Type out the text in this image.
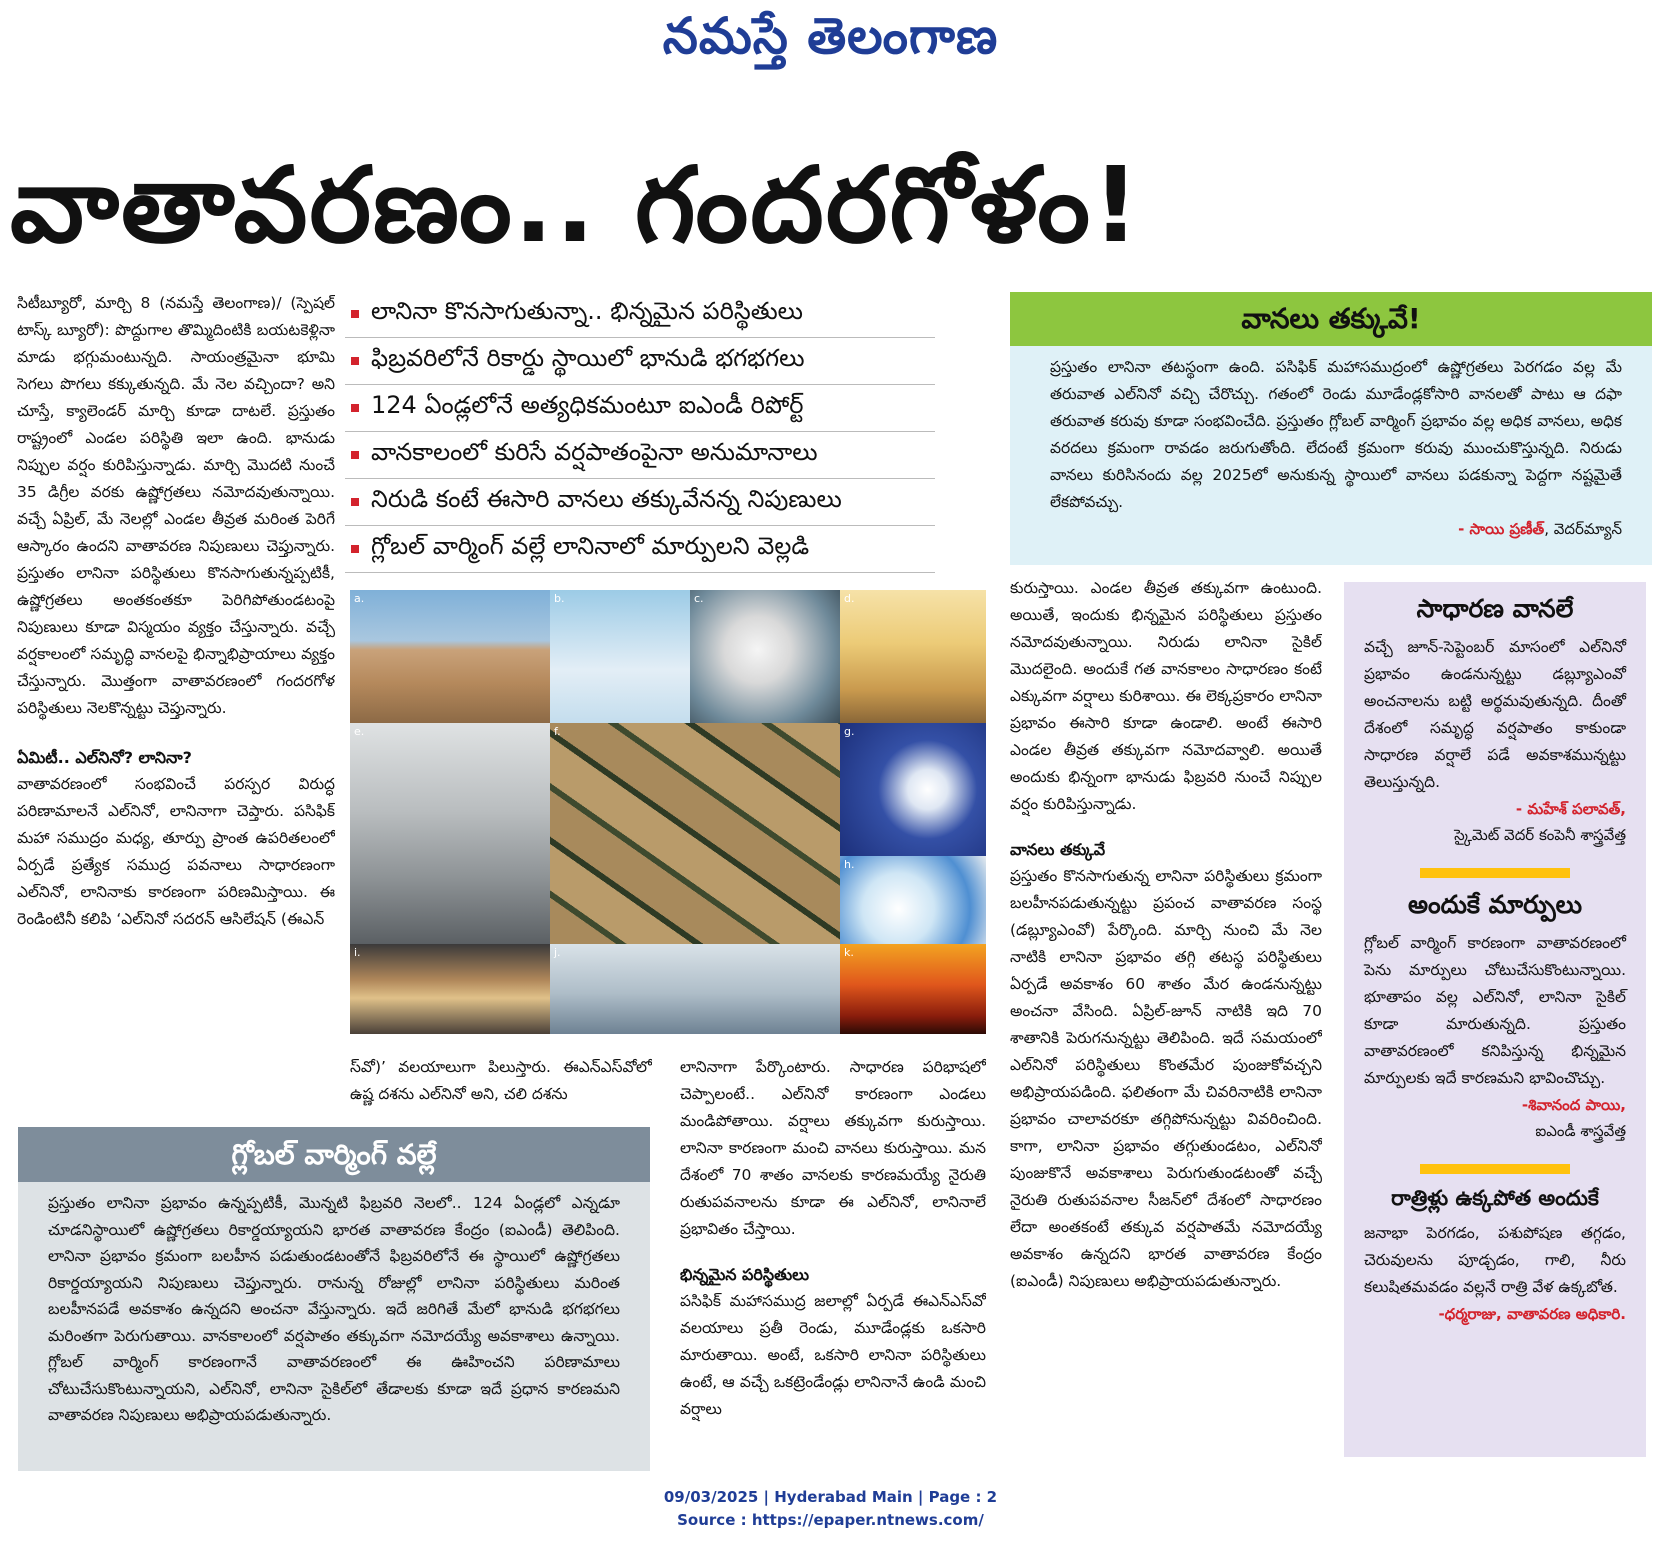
నమస్తే తెలంగాణ
వాతావరణం.. గందరగోళం!
లానినా కొనసాగుతున్నా.. భిన్నమైన పరిస్థితులు
ఫిబ్రవరిలోనే రికార్డు స్థాయిలో భానుడి భగభగలు
124 ఏండ్లలోనే అత్యధికమంటూ ఐఎండీ రిపోర్ట్
వానకాలంలో కురిసే వర్షపాతంపైనా అనుమానాలు
నిరుడి కంటే ఈసారి వానలు తక్కువేనన్న నిపుణులు
గ్లోబల్ వార్మింగ్ వల్లే లానినాలో మార్పులని వెల్లడి
a.	b.	c.	d.
e.	f.	g.
h.
i.	j.	k.

సిటీబ్యూరో, మార్చి 8 (నమస్తే తెలంగాణ)/ (స్పెషల్ టాస్క్ బ్యూరో): పొద్దుగాల తొమ్మిదింటికి బయటకెళ్లినా మాడు భగ్గుమంటున్నది. సాయంత్రమైనా భూమి సెగలు పొగలు కక్కుతున్నది. మే నెల వచ్చిందా? అని చూస్తే, క్యాలెండర్ మార్చి కూడా దాటలే. ప్రస్తుతం రాష్ట్రంలో ఎండల పరిస్థితి ఇలా ఉంది. భానుడు నిప్పుల వర్షం కురిపిస్తున్నాడు. మార్చి మొదటి నుంచే 35 డిగ్రీల వరకు ఉష్ణోగ్రతలు నమోదవుతున్నాయి. వచ్చే ఏప్రిల్, మే నెలల్లో ఎండల తీవ్రత మరింత పెరిగే ఆస్కారం ఉందని వాతావరణ నిపుణులు చెప్తున్నారు. ప్రస్తుతం లానినా పరిస్థితులు కొనసాగుతున్నప్పటికీ, ఉష్ణోగ్రతలు అంతకంతకూ పెరిగిపోతుండటంపై నిపుణులు కూడా విస్మయం వ్యక్తం చేస్తున్నారు. వచ్చే వర్షకాలంలో సమృద్ధి వానలపై భిన్నాభిప్రాయాలు వ్యక్తం చేస్తున్నారు. మొత్తంగా వాతావరణంలో గందరగోళ పరిస్థితులు నెలకొన్నట్టు చెప్తున్నారు.

ఏమిటీ.. ఎల్‌నినో? లానినా?

వాతావరణంలో సంభవించే పరస్పర విరుద్ధ పరిణామాలనే ఎల్‌నినో, లానినాగా చెప్తారు. పసిఫిక్ మహా సముద్రం మధ్య, తూర్పు ప్రాంత ఉపరితలంలో ఏర్పడే ప్రత్యేక సముద్ర పవనాలు సాధారణంగా ఎల్‌నినో, లానినాకు కారణంగా పరిణమిస్తాయి. ఈ రెండింటినీ కలిపి ‘ఎల్‌నినో సదరన్ ఆసిలేషన్ (ఈఎన్

స్‌వో)’ వలయాలుగా పిలుస్తారు. ఈఎన్‌ఎస్‌వోలో ఉష్ణ దశను ఎల్‌నినో అని, చలి దశను

లానినాగా పేర్కొంటారు. సాధారణ పరిభాషలో చెప్పాలంటే.. ఎల్‌నినో కారణంగా ఎండలు మండిపోతాయి. వర్షాలు తక్కువగా కురుస్తాయి. లానినా కారణంగా మంచి వానలు కురుస్తాయి. మన దేశంలో 70 శాతం వానలకు కారణమయ్యే నైరుతి రుతుపవనాలను కూడా ఈ ఎల్‌నినో, లానినాలే ప్రభావితం చేస్తాయి.

భిన్నమైన పరిస్థితులు

పసిఫిక్ మహాసముద్ర జలాల్లో ఏర్పడే ఈఎన్‌ఎస్‌వో వలయాలు ప్రతీ రెండు, మూడేండ్లకు ఒకసారి మారుతాయి. అంటే, ఒకసారి లానినా పరిస్థితులు ఉంటే, ఆ వచ్చే ఒకట్రెండేండ్లు లానినానే ఉండి మంచి వర్షాలు

కురుస్తాయి. ఎండల తీవ్రత తక్కువగా ఉంటుంది. అయితే, ఇందుకు భిన్నమైన పరిస్థితులు ప్రస్తుతం నమోదవుతున్నాయి. నిరుడు లానినా సైకిల్ మొదలైంది. అందుకే గత వానకాలం సాధారణం కంటే ఎక్కువగా వర్షాలు కురిశాయి. ఈ లెక్కప్రకారం లానినా ప్రభావం ఈసారి కూడా ఉండాలి. అంటే ఈసారి ఎండల తీవ్రత తక్కువగా నమోదవ్వాలి. అయితే అందుకు భిన్నంగా భానుడు ఫిబ్రవరి నుంచే నిప్పుల వర్షం కురిపిస్తున్నాడు.

వానలు తక్కువే

ప్రస్తుతం కొనసాగుతున్న లానినా పరిస్థితులు క్రమంగా బలహీనపడుతున్నట్టు ప్రపంచ వాతావరణ సంస్థ (డబ్ల్యూఎంవో) పేర్కొంది. మార్చి నుంచి మే నెల నాటికి లానినా ప్రభావం తగ్గి తటస్థ పరిస్థితులు ఏర్పడే అవకాశం 60 శాతం మేర ఉండనున్నట్టు అంచనా వేసింది. ఏప్రిల్-జూన్ నాటికి ఇది 70 శాతానికి పెరుగనున్నట్టు తెలిపింది. ఇదే సమయంలో ఎల్‌నినో పరిస్థితులు కొంతమేర పుంజుకోవచ్చని అభిప్రాయపడింది. ఫలితంగా మే చివరినాటికి లానినా ప్రభావం చాలావరకూ తగ్గిపోనున్నట్టు వివరించింది. కాగా, లానినా ప్రభావం తగ్గుతుండటం, ఎల్‌నినో పుంజుకొనే అవకాశాలు పెరుగుతుండటంతో వచ్చే నైరుతి రుతుపవనాల సీజన్‌లో దేశంలో సాధారణం లేదా అంతకంటే తక్కువ వర్షపాతమే నమోదయ్యే అవకాశం ఉన్నదని భారత వాతావరణ కేంద్రం (ఐఎండీ) నిపుణులు అభిప్రాయపడుతున్నారు.

వానలు తక్కువే!

ప్రస్తుతం లానినా తటస్థంగా ఉంది. పసిఫిక్ మహాసముద్రంలో ఉష్ణోగ్రతలు పెరగడం వల్ల మే తరువాత ఎల్‌నినో వచ్చి చేరొచ్చు. గతంలో రెండు మూడేండ్లకోసారి వానలతో పాటు ఆ దఫా తరువాత కరువు కూడా సంభవించేది. ప్రస్తుతం గ్లోబల్ వార్మింగ్ ప్రభావం వల్ల అధిక వానలు, అధిక వరదలు క్రమంగా రావడం జరుగుతోంది. లేదంటే క్రమంగా కరువు ముంచుకొస్తున్నది. నిరుడు వానలు కురిసినందు వల్ల 2025లో అనుకున్న స్థాయిలో వానలు పడకున్నా పెద్దగా నష్టమైతే లేకపోవచ్చు.

- సాయి ప్రణీత్, వెదర్‌మ్యాన్

సాధారణ వానలే

వచ్చే జూన్-సెప్టెంబర్ మాసంలో ఎల్‌నినో ప్రభావం ఉండనున్నట్టు డబ్ల్యూఎంవో అంచనాలను బట్టి అర్థమవుతున్నది. దీంతో దేశంలో సమృద్ధ వర్షపాతం కాకుండా సాధారణ వర్షాలే పడే అవకాశమున్నట్టు తెలుస్తున్నది.

- మహేశ్ పలావత్,
స్కైమెట్ వెదర్ కంపెనీ శాస్త్రవేత్త

అందుకే మార్పులు

గ్లోబల్ వార్మింగ్ కారణంగా వాతావరణంలో పెను మార్పులు చోటుచేసుకొంటున్నాయి. భూతాపం వల్ల ఎల్‌నినో, లానినా సైకిల్ కూడా మారుతున్నది. ప్రస్తుతం వాతావరణంలో కనిపిస్తున్న భిన్నమైన మార్పులకు ఇదే కారణమని భావించొచ్చు.

-శివానంద పాయి,
ఐఎండీ శాస్త్రవేత్త

రాత్రిళ్లు ఉక్కపోత అందుకే

జనాభా పెరగడం, పశుపోషణ తగ్గడం, చెరువులను పూడ్చడం, గాలి, నీరు కలుషితమవడం వల్లనే రాత్రి వేళ ఉక్కబోత.

-ధర్మరాజు, వాతావరణ అధికారి.

గ్లోబల్ వార్మింగ్ వల్లే
ప్రస్తుతం లానినా ప్రభావం ఉన్నప్పటికీ, మొన్నటి ఫిబ్రవరి నెలలో.. 124 ఏండ్లలో ఎన్నడూ చూడనిస్థాయిలో ఉష్ణోగ్రతలు రికార్డయ్యాయని భారత వాతావరణ కేంద్రం (ఐఎండీ) తెలిపింది. లానినా ప్రభావం క్రమంగా బలహీన పడుతుండటంతోనే ఫిబ్రవరిలోనే ఈ స్థాయిలో ఉష్ణోగ్రతలు రికార్డయ్యాయని నిపుణులు చెప్తున్నారు. రానున్న రోజుల్లో లానినా పరిస్థితులు మరింత బలహీనపడే అవకాశం ఉన్నదని అంచనా వేస్తున్నారు. ఇదే జరిగితే మేలో భానుడి భగభగలు మరింతగా పెరుగుతాయి. వానకాలంలో వర్షపాతం తక్కువగా నమోదయ్యే అవకాశాలు ఉన్నాయి. గ్లోబల్ వార్మింగ్ కారణంగానే వాతావరణంలో ఈ ఊహించని పరిణామాలు చోటుచేసుకొంటున్నాయని, ఎల్‌నినో, లానినా సైకిల్‌లో తేడాలకు కూడా ఇదే ప్రధాన కారణమని వాతావరణ నిపుణులు అభిప్రాయపడుతున్నారు.
09/03/2025 | Hyderabad Main | Page : 2
Source : https://epaper.ntnews.com/
